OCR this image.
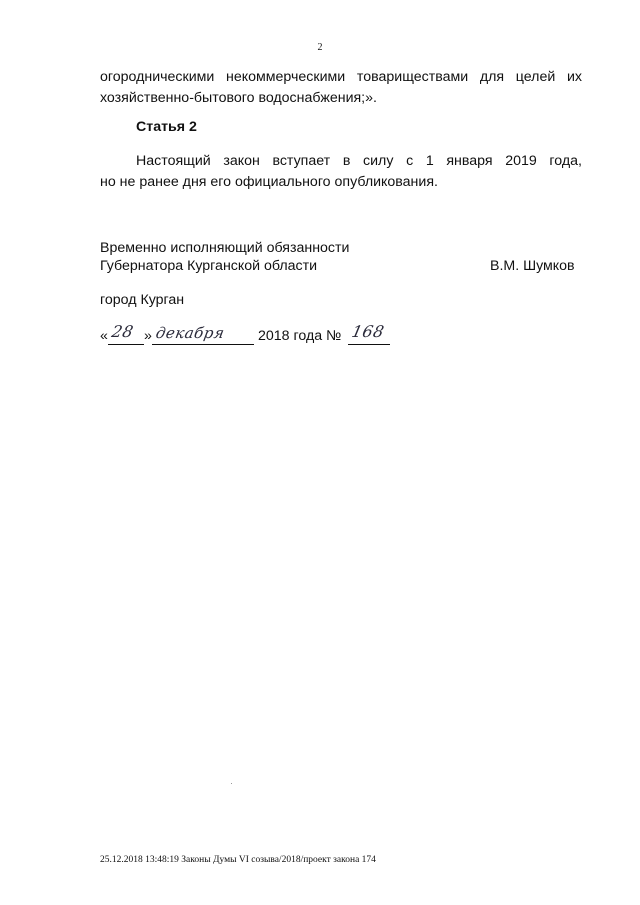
2
огородническими некоммерческими товариществами для целей их
хозяйственно-бытового водоснабжения;».
Статья 2
Настоящий закон вступает в силу с 1 января 2019 года,
но не ранее дня его официального опубликования.
Временно исполняющий обязанности
Губернатора Курганской области	В.М. Шумков
город Курган
« 28 » декабря 2018 года № 168
25.12.2018 13:48:19 Законы Думы VI созыва/2018/проект закона 174
